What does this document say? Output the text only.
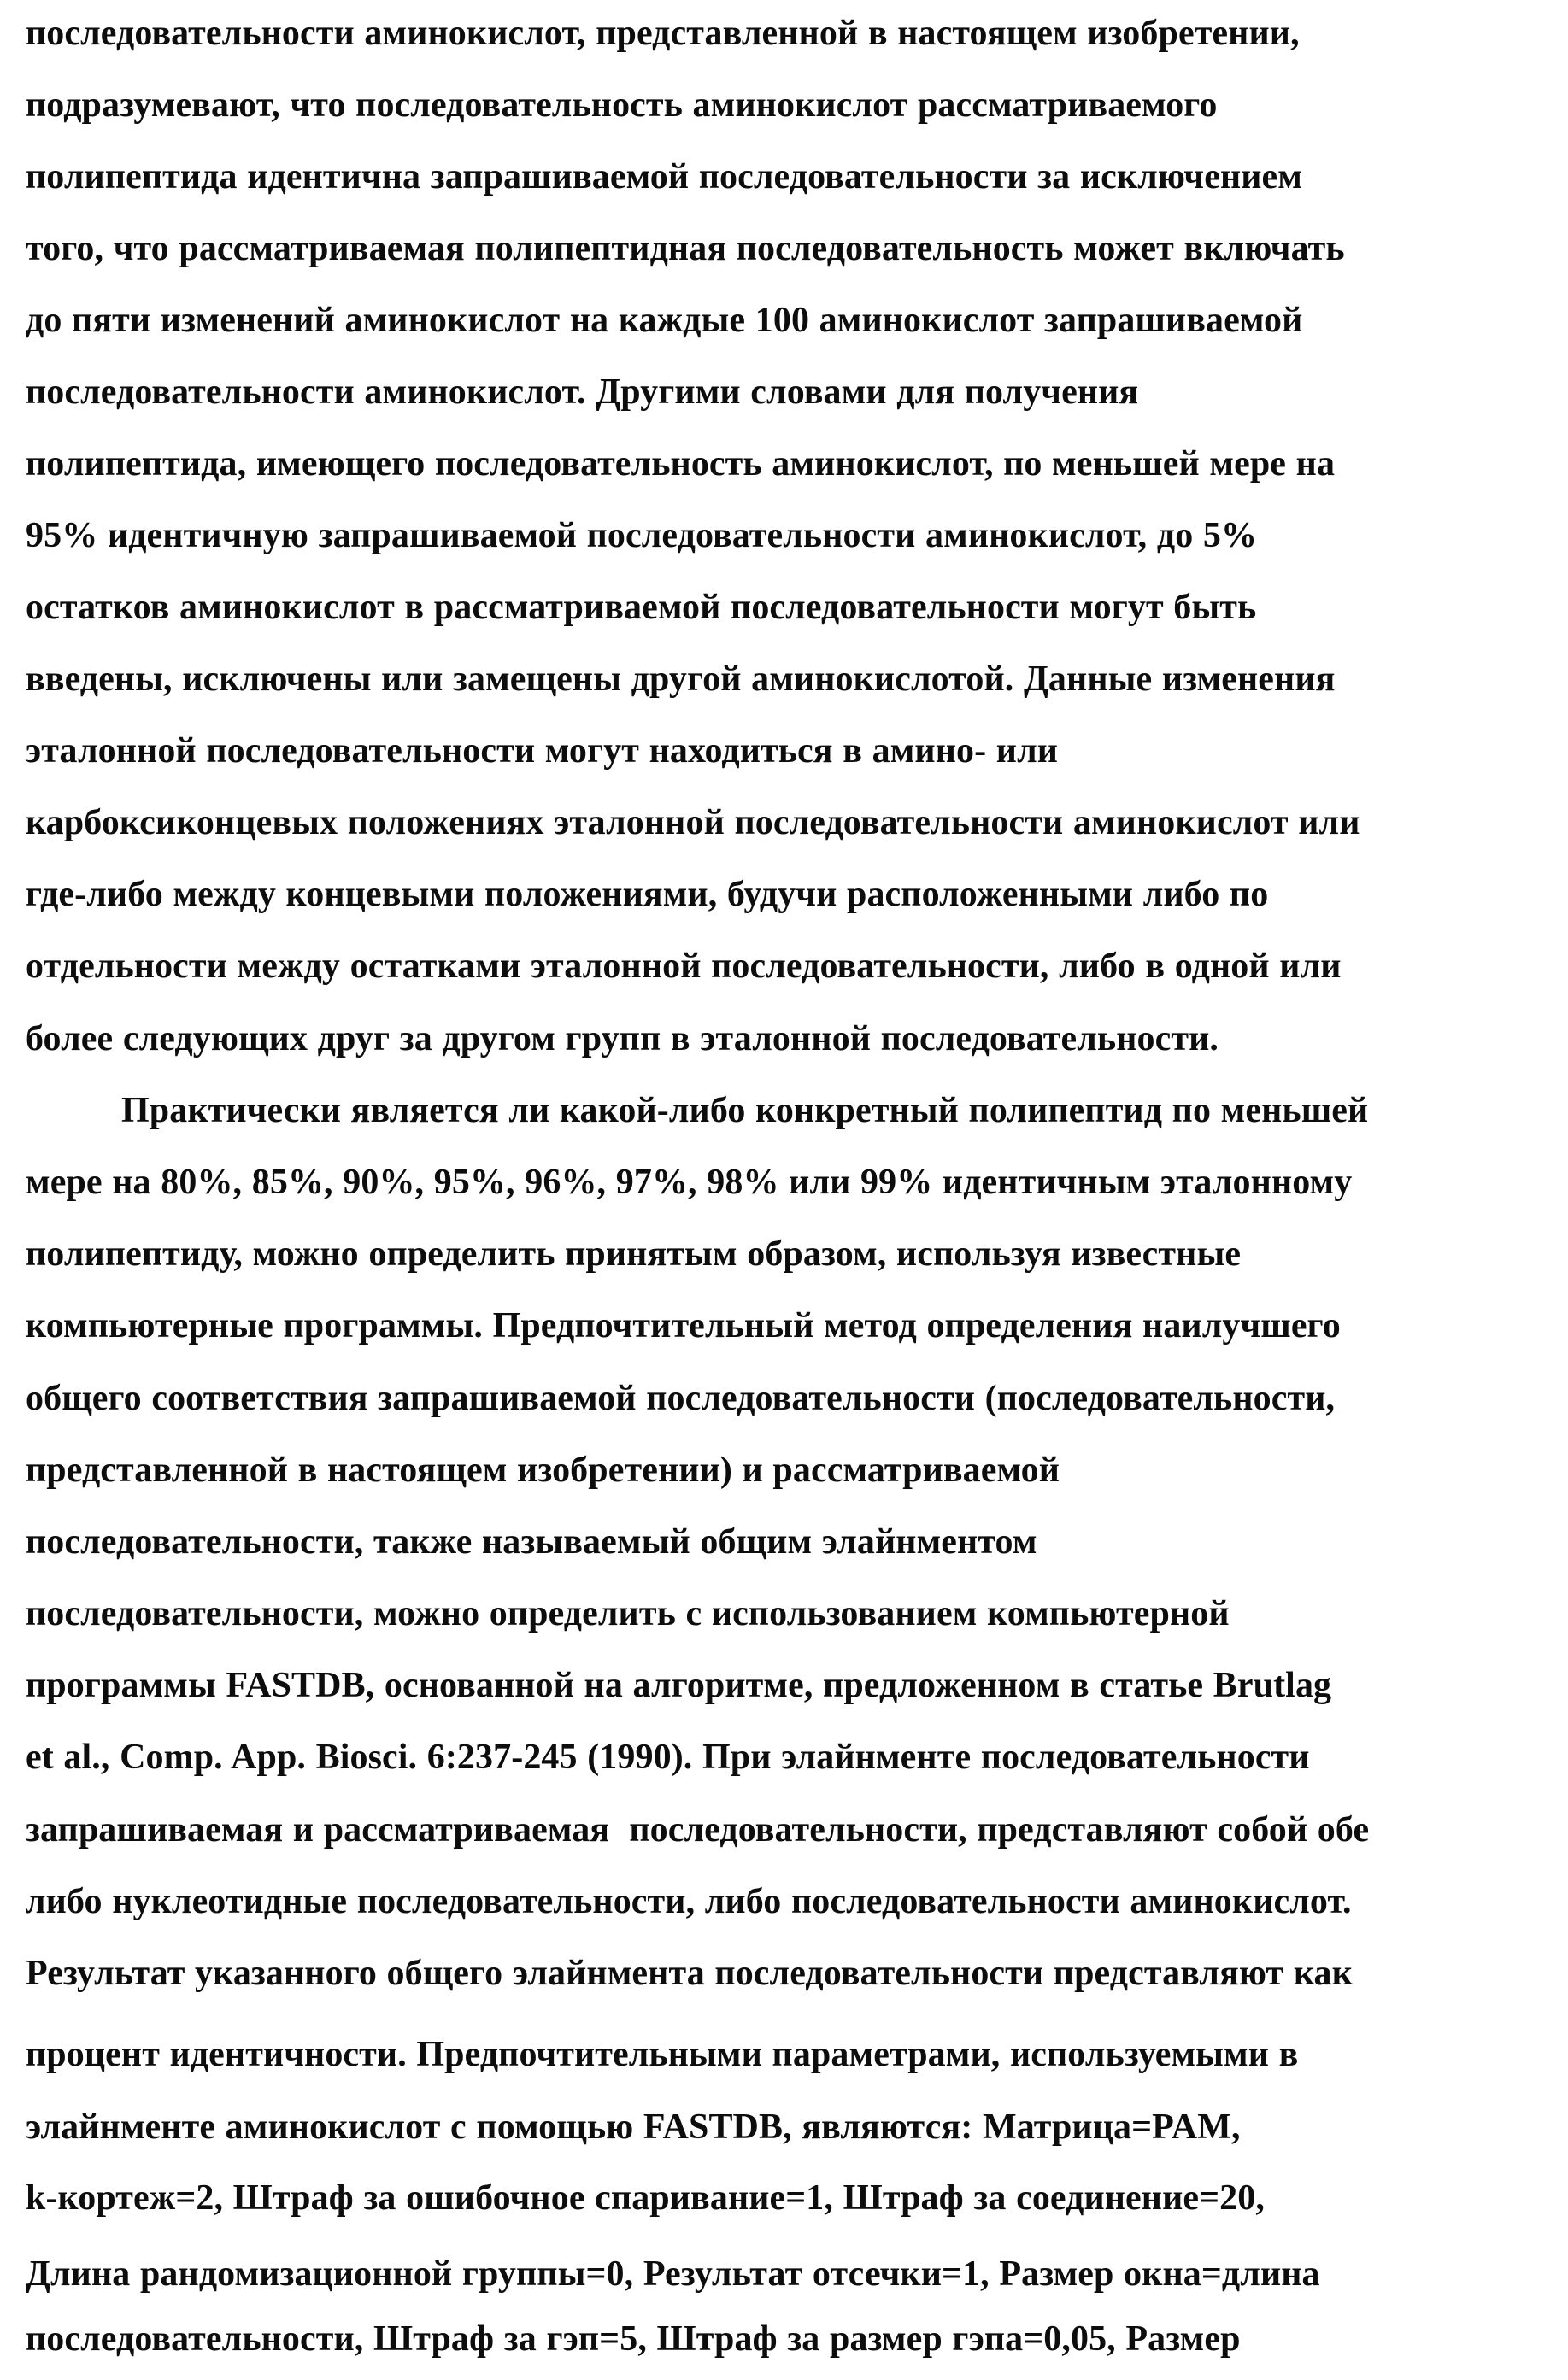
последовательности аминокислот, представленной в настоящем изобретении,
подразумевают, что последовательность аминокислот рассматриваемого
полипептида идентична запрашиваемой последовательности за исключением
того, что рассматриваемая полипептидная последовательность может включать
до пяти изменений аминокислот на каждые 100 аминокислот запрашиваемой
последовательности аминокислот. Другими словами для получения
полипептида, имеющего последовательность аминокислот, по меньшей мере на
95% идентичную запрашиваемой последовательности аминокислот, до 5%
остатков аминокислот в рассматриваемой последовательности могут быть
введены, исключены или замещены другой аминокислотой. Данные изменения
эталонной последовательности могут находиться в амино- или
карбоксиконцевых положениях эталонной последовательности аминокислот или
где-либо между концевыми положениями, будучи расположенными либо по
отдельности между остатками эталонной последовательности, либо в одной или
более следующих друг за другом групп в эталонной последовательности.
Практически является ли какой-либо конкретный полипептид по меньшей
мере на 80%, 85%, 90%, 95%, 96%, 97%, 98% или 99% идентичным эталонному
полипептиду, можно определить принятым образом, используя известные
компьютерные программы. Предпочтительный метод определения наилучшего
общего соответствия запрашиваемой последовательности (последовательности,
представленной в настоящем изобретении) и рассматриваемой
последовательности, также называемый общим элайнментом
последовательности, можно определить с использованием компьютерной
программы FASTDB, основанной на алгоритме, предложенном в статье Brutlag
et al., Comp. App. Biosci. 6:237-245 (1990). При элайнменте последовательности
запрашиваемая и рассматриваемая  последовательности, представляют собой обе
либо нуклеотидные последовательности, либо последовательности аминокислот.
Результат указанного общего элайнмента последовательности представляют как
процент идентичности. Предпочтительными параметрами, используемыми в
элайнменте аминокислот с помощью FASTDB, являются: Матрица=PAM,
k-кортеж=2, Штраф за ошибочное спаривание=1, Штраф за соединение=20,
Длина рандомизационной группы=0, Результат отсечки=1, Размер окна=длина
последовательности, Штраф за гэп=5, Штраф за размер гэпа=0,05, Размер
